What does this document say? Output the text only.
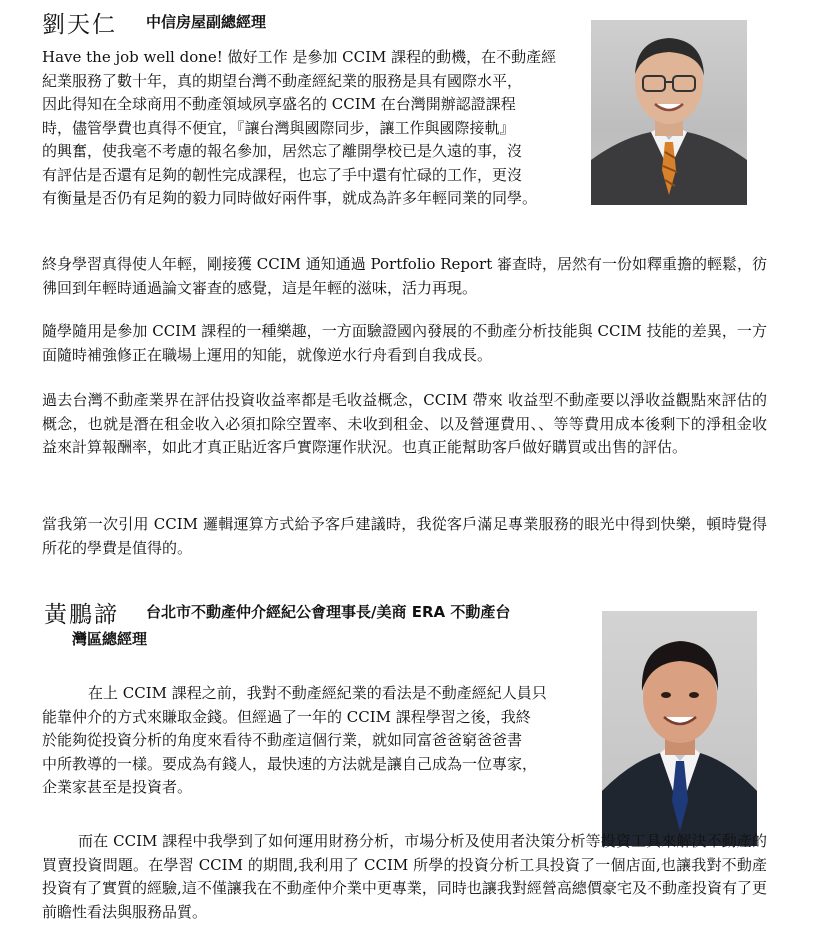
劉天仁 中信房屋副總經理
Have the job well done! 做好工作 是參加 CCIM 課程的動機，在不動產經
紀業服務了數十年，真的期望台灣不動產經紀業的服務是具有國際水平，
因此得知在全球商用不動產領域夙享盛名的 CCIM 在台灣開辦認證課程
時，儘管學費也真得不便宜，『讓台灣與國際同步，讓工作與國際接軌』
的興奮，使我毫不考慮的報名參加，居然忘了離開學校已是久遠的事，沒
有評估是否還有足夠的韌性完成課程，也忘了手中還有忙碌的工作，更沒
有衡量是否仍有足夠的毅力同時做好兩件事，就成為許多年輕同業的同學。

終身學習真得使人年輕，剛接獲 CCIM 通知通過 Portfolio Report 審查時，居然有一份如釋重擔的輕鬆，彷彿回到年輕時通過論文審查的感覺，這是年輕的滋味，活力再現。

隨學隨用是參加 CCIM 課程的一種樂趣，一方面驗證國內發展的不動產分析技能與 CCIM 技能的差異，一方面隨時補強修正在職場上運用的知能，就像逆水行舟看到自我成長。

過去台灣不動產業界在評估投資收益率都是毛收益概念，CCIM 帶來 收益型不動產要以淨收益觀點來評估的概念，也就是潛在租金收入必須扣除空置率、未收到租金、以及營運費用、、等等費用成本後剩下的淨租金收益來計算報酬率，如此才真正貼近客戶實際運作狀況。也真正能幫助客戶做好購買或出售的評估。

當我第一次引用 CCIM 邏輯運算方式給予客戶建議時，我從客戶滿足專業服務的眼光中得到快樂，頓時覺得所花的學費是值得的。

黃鵬諦 台北市不動產仲介經紀公會理事長/美商 ERA 不動產台
灣區總經理
在上 CCIM 課程之前，我對不動產經紀業的看法是不動產經紀人員只
能靠仲介的方式來賺取金錢。但經過了一年的 CCIM 課程學習之後，我終
於能夠從投資分析的角度來看待不動產這個行業，就如同富爸爸窮爸爸書
中所教導的一樣。要成為有錢人，最快速的方法就是讓自己成為一位專家，
企業家甚至是投資者。

而在 CCIM 課程中我學到了如何運用財務分析，市場分析及使用者決策分析等投資工具來解決不動產的買賣投資問題。在學習 CCIM 的期間,我利用了 CCIM 所學的投資分析工具投資了一個店面,也讓我對不動產投資有了實質的經驗,這不僅讓我在不動產仲介業中更專業，同時也讓我對經營高總價豪宅及不動產投資有了更前瞻性看法與服務品質。
